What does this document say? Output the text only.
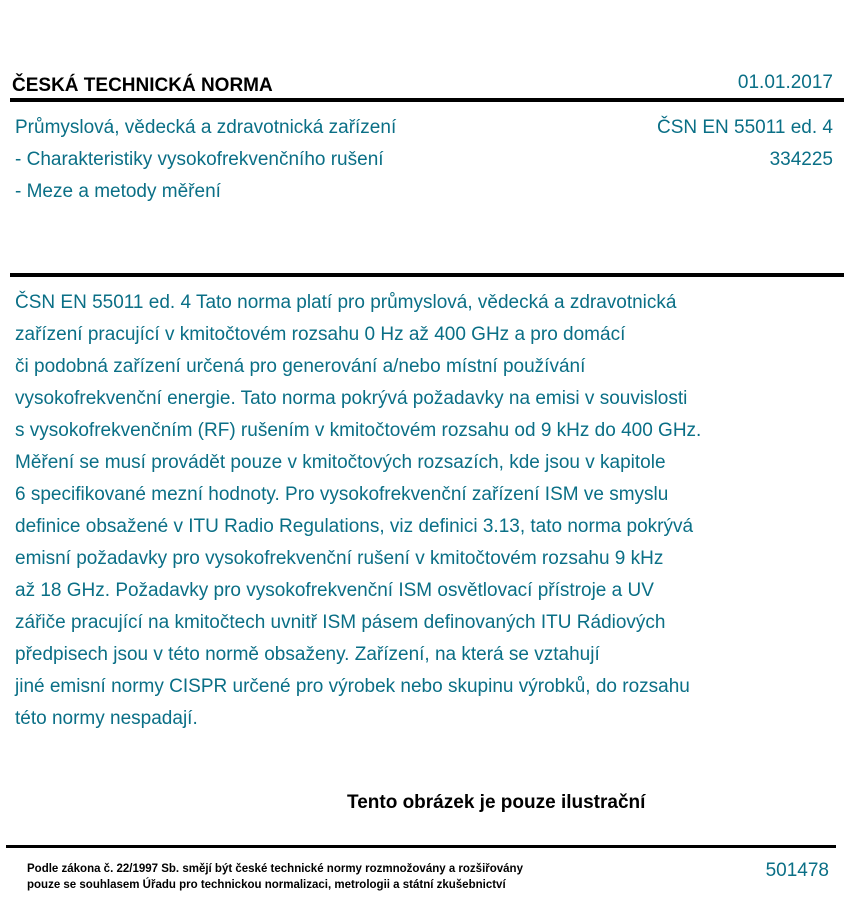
ČESKÁ TECHNICKÁ NORMA	01.01.2017
Průmyslová, vědecká a zdravotnická zařízení
- Charakteristiky vysokofrekvenčního rušení
- Meze a metody měření
ČSN EN 55011 ed. 4
334225
ČSN EN 55011 ed. 4 Tato norma platí pro průmyslová, vědecká a zdravotnická
zařízení pracující v kmitočtovém rozsahu 0 Hz až 400 GHz a pro domácí
či podobná zařízení určená pro generování a/nebo místní používání
vysokofrekvenční energie. Tato norma pokrývá požadavky na emisi v souvislosti
s vysokofrekvenčním (RF) rušením v kmitočtovém rozsahu od 9 kHz do 400 GHz.
Měření se musí provádět pouze v kmitočtových rozsazích, kde jsou v kapitole
6 specifikované mezní hodnoty. Pro vysokofrekvenční zařízení ISM ve smyslu
definice obsažené v ITU Radio Regulations, viz definici 3.13, tato norma pokrývá
emisní požadavky pro vysokofrekvenční rušení v kmitočtovém rozsahu 9 kHz
až 18 GHz. Požadavky pro vysokofrekvenční ISM osvětlovací přístroje a UV
zářiče pracující na kmitočtech uvnitř ISM pásem definovaných ITU Rádiových
předpisech jsou v této normě obsaženy. Zařízení, na která se vztahují
jiné emisní normy CISPR určené pro výrobek nebo skupinu výrobků, do rozsahu
této normy nespadají.
Tento obrázek je pouze ilustrační
Podle zákona č. 22/1997 Sb. smějí být české technické normy rozmnožovány a rozšiřovány
pouze se souhlasem Úřadu pro technickou normalizaci, metrologii a státní zkušebnictví
501478
